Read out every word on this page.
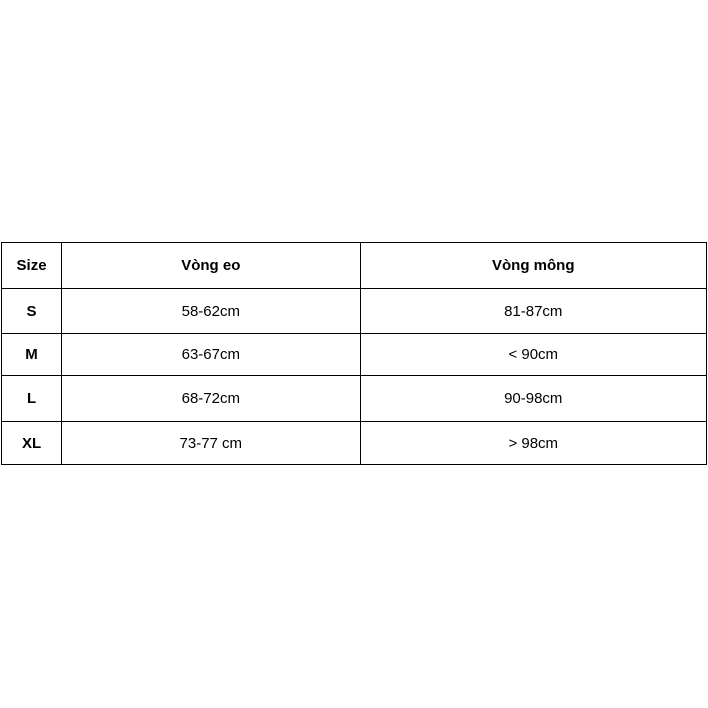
Size	Vòng eo	Vòng mông
S	58-62cm	81-87cm
M	63-67cm	< 90cm
L	68-72cm	90-98cm
XL	73-77 cm	> 98cm
